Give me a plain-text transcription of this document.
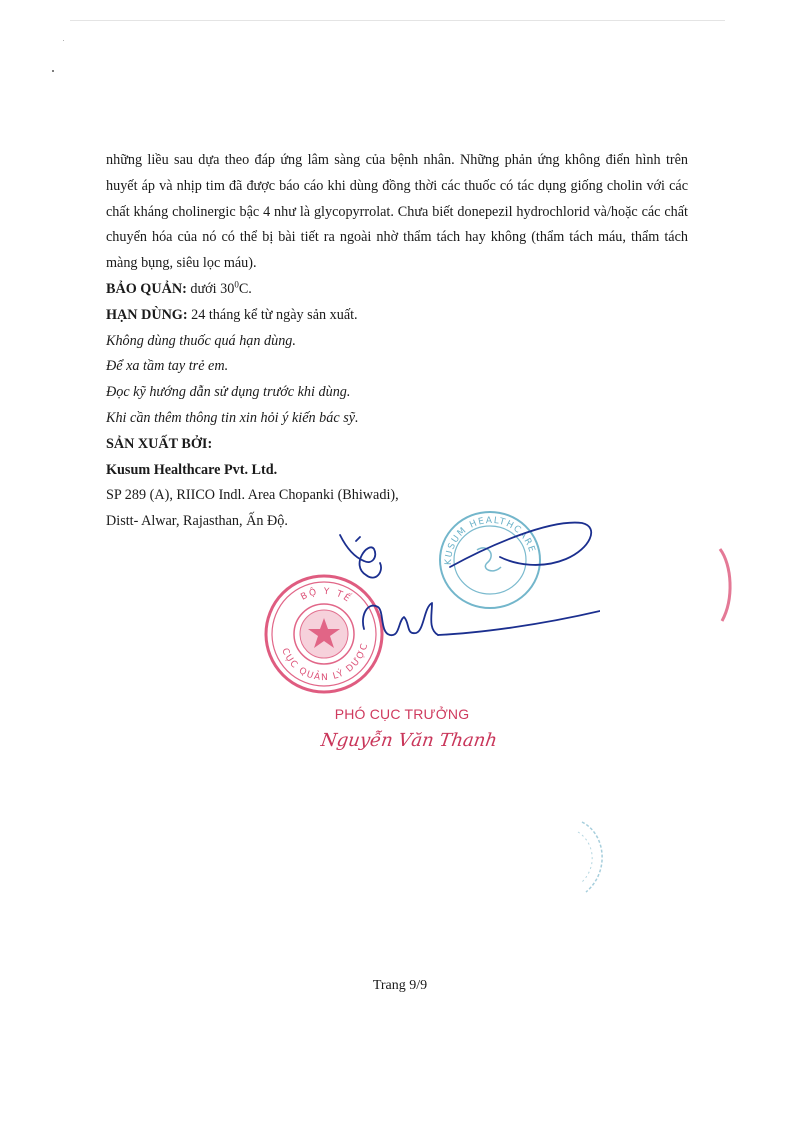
những liều sau dựa theo đáp ứng lâm sàng của bệnh nhân. Những phản ứng không điển hình trên huyết áp và nhịp tim đã được báo cáo khi dùng đồng thời các thuốc có tác dụng giống cholin với các chất kháng cholinergic bậc 4 như là glycopyrrolat. Chưa biết donepezil hydrochlorid và/hoặc các chất chuyển hóa của nó có thể bị bài tiết ra ngoài nhờ thẩm tách hay không (thẩm tách máu, thẩm tách màng bụng, siêu lọc máu).

BẢO QUẢN: dưới $30^0C$.

HẠN DÙNG: 24 tháng kể từ ngày sản xuất.

Không dùng thuốc quá hạn dùng.

Để xa tầm tay trẻ em.

Đọc kỹ hướng dẫn sử dụng trước khi dùng.

Khi cần thêm thông tin xin hỏi ý kiến bác sỹ.

SẢN XUẤT BỞI:

Kusum Healthcare Pvt. Ltd.

SP 289 (A), RIICO Indl. Area Chopanki (Bhiwadi),

Distt- Alwar, Rajasthan, Ấn Độ.

KUSUM HEALTHCARE
BỘ Y TẾ
CỤC QUẢN LÝ DƯỢC
PHÓ CỤC TRƯỞNG
Nguyễn Văn Thanh
Trang 9/9
